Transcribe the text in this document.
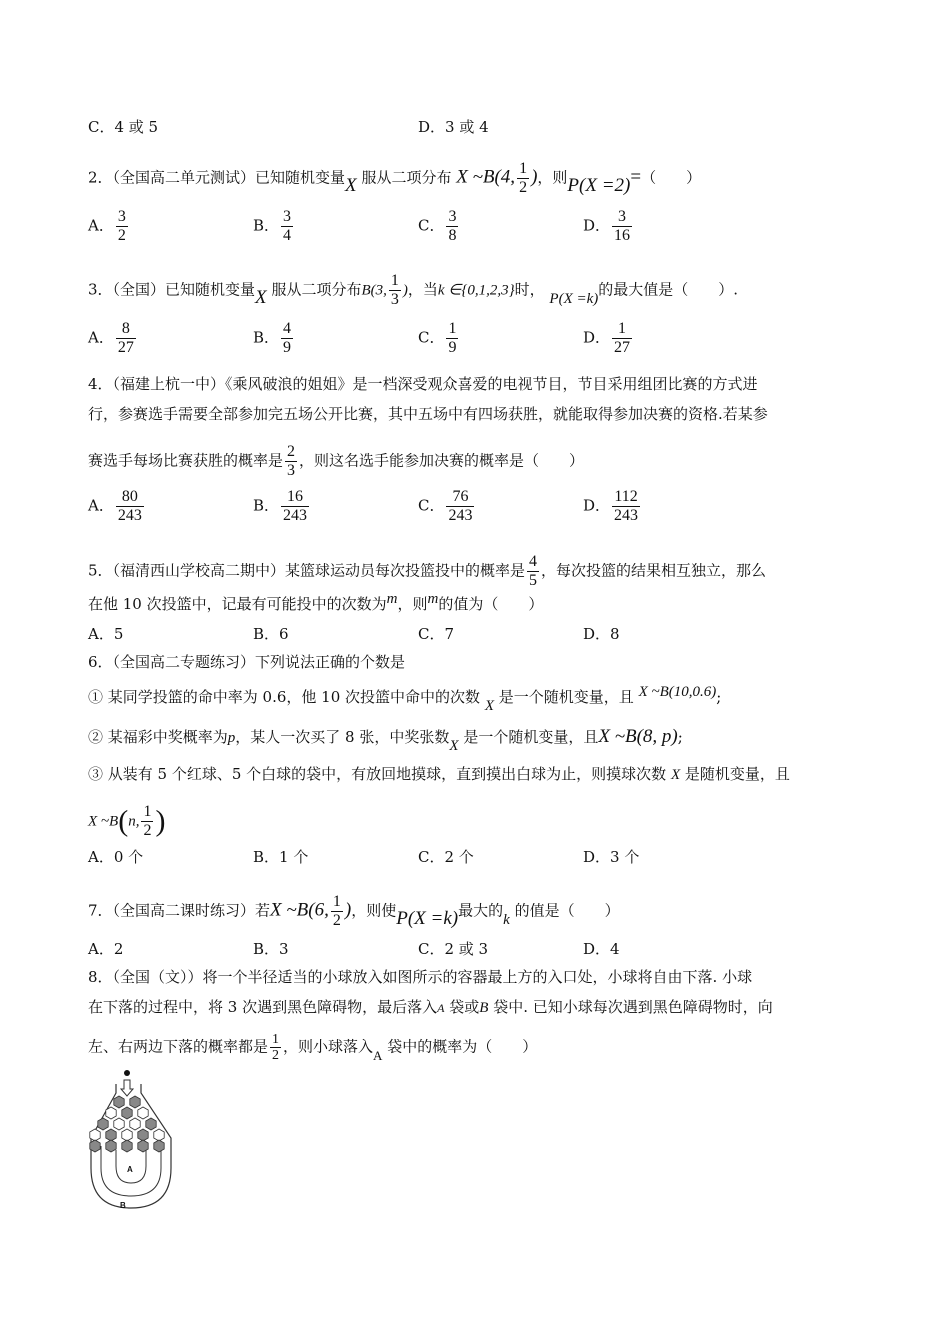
C．4 或 5	D．3 或 4
2．（全国高二单元测试）已知随机变量X 服从二项分布 X ~B(4, $\frac{1}{2}$ )，则P(X =2)=（　　）
A． $\frac{3}{2}$	B． $\frac{3}{4}$	C． $\frac{3}{8}$	D． $\frac{3}{16}$
3．（全国）已知随机变量X 服从二项分布B(3, $\frac{1}{3}$ )，当k ∈{0,1,2,3}时， P(X =k)的最大值是（　　）.
A． $\frac{8}{27}$	B． $\frac{4}{9}$	C． $\frac{1}{9}$	D． $\frac{1}{27}$
4．（福建上杭一中）《乘风破浪的姐姐》是一档深受观众喜爱的电视节目，节目采用组团比赛的方式进
行，参赛选手需要全部参加完五场公开比赛，其中五场中有四场获胜，就能取得参加决赛的资格.若某参
赛选手每场比赛获胜的概率是 $\frac{2}{3}$ ，则这名选手能参加决赛的概率是（　　）
A． $\frac{80}{243}$	B． $\frac{16}{243}$	C． $\frac{76}{243}$	D． $\frac{112}{243}$
5．（福清西山学校高二期中）某篮球运动员每次投篮投中的概率是 $\frac{4}{5}$ ，每次投篮的结果相互独立，那么
在他 10 次投篮中，记最有可能投中的次数为m，则m的值为（　　）
A．5	B．6	C．7	D．8
6．（全国高二专题练习）下列说法正确的个数是
① 某同学投篮的命中率为 0.6，他 10 次投篮中命中的次数 X 是一个随机变量，且 X ~B(10,0.6);
② 某福彩中奖概率为p，某人一次买了 8 张，中奖张数X 是一个随机变量，且X ~B(8, p);
③ 从装有 5 个红球、5 个白球的袋中，有放回地摸球，直到摸出白球为止，则摸球次数 X 是随机变量，且
X ~B(n, $\frac{1}{2}$ )
A．0 个	B．1 个	C．2 个	D．3 个
7．（全国高二课时练习）若X ~B(6, $\frac{1}{2}$ )，则使P(X =k)最大的k 的值是（　　）
A．2	B．3	C．2 或 3	D．4
8．（全国（文））将一个半径适当的小球放入如图所示的容器最上方的入口处，小球将自由下落. 小球
在下落的过程中，将 3 次遇到黑色障碍物，最后落入A 袋或B 袋中. 已知小球每次遇到黑色障碍物时，向
左、右两边下落的概率都是 $\frac{1}{2}$ ，则小球落入A 袋中的概率为（　　）
A
B
